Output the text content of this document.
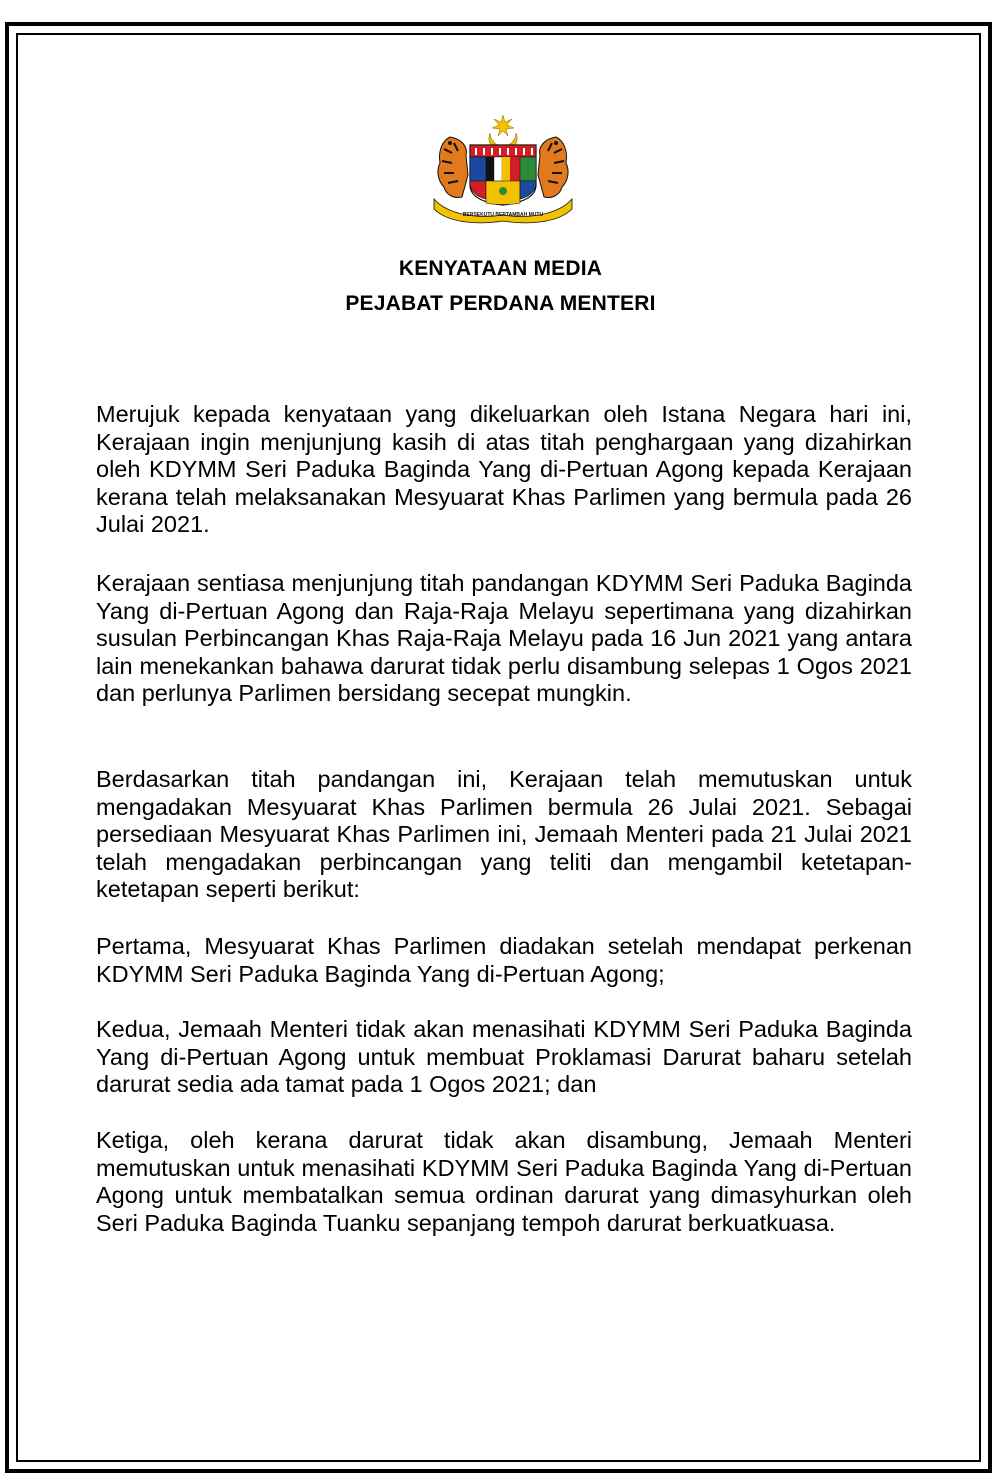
BERSEKUTU BERTAMBAH MUTU
KENYATAAN MEDIA
PEJABAT PERDANA MENTERI
Merujuk kepada kenyataan yang dikeluarkan oleh Istana Negara hari ini, Kerajaan ingin menjunjung kasih di atas titah penghargaan yang dizahirkan oleh KDYMM Seri Paduka Baginda Yang di-Pertuan Agong kepada Kerajaan kerana telah melaksanakan Mesyuarat Khas Parlimen yang bermula pada 26 Julai 2021.
Kerajaan sentiasa menjunjung titah pandangan KDYMM Seri Paduka Baginda Yang di-Pertuan Agong dan Raja-Raja Melayu sepertimana yang dizahirkan susulan Perbincangan Khas Raja-Raja Melayu pada 16 Jun 2021 yang antara lain menekankan bahawa darurat tidak perlu disambung selepas 1 Ogos 2021 dan perlunya Parlimen bersidang secepat mungkin.
Berdasarkan titah pandangan ini, Kerajaan telah memutuskan untuk mengadakan Mesyuarat Khas Parlimen bermula 26 Julai 2021. Sebagai persediaan Mesyuarat Khas Parlimen ini, Jemaah Menteri pada 21 Julai 2021 telah mengadakan perbincangan yang teliti dan mengambil ketetapan-ketetapan seperti berikut:
Pertama, Mesyuarat Khas Parlimen diadakan setelah mendapat perkenan KDYMM Seri Paduka Baginda Yang di-Pertuan Agong;
Kedua, Jemaah Menteri tidak akan menasihati KDYMM Seri Paduka Baginda Yang di-Pertuan Agong untuk membuat Proklamasi Darurat baharu setelah darurat sedia ada tamat pada 1 Ogos 2021; dan
Ketiga, oleh kerana darurat tidak akan disambung, Jemaah Menteri memutuskan untuk menasihati KDYMM Seri Paduka Baginda Yang di-Pertuan Agong untuk membatalkan semua ordinan darurat yang dimasyhurkan oleh Seri Paduka Baginda Tuanku sepanjang tempoh darurat berkuatkuasa.
